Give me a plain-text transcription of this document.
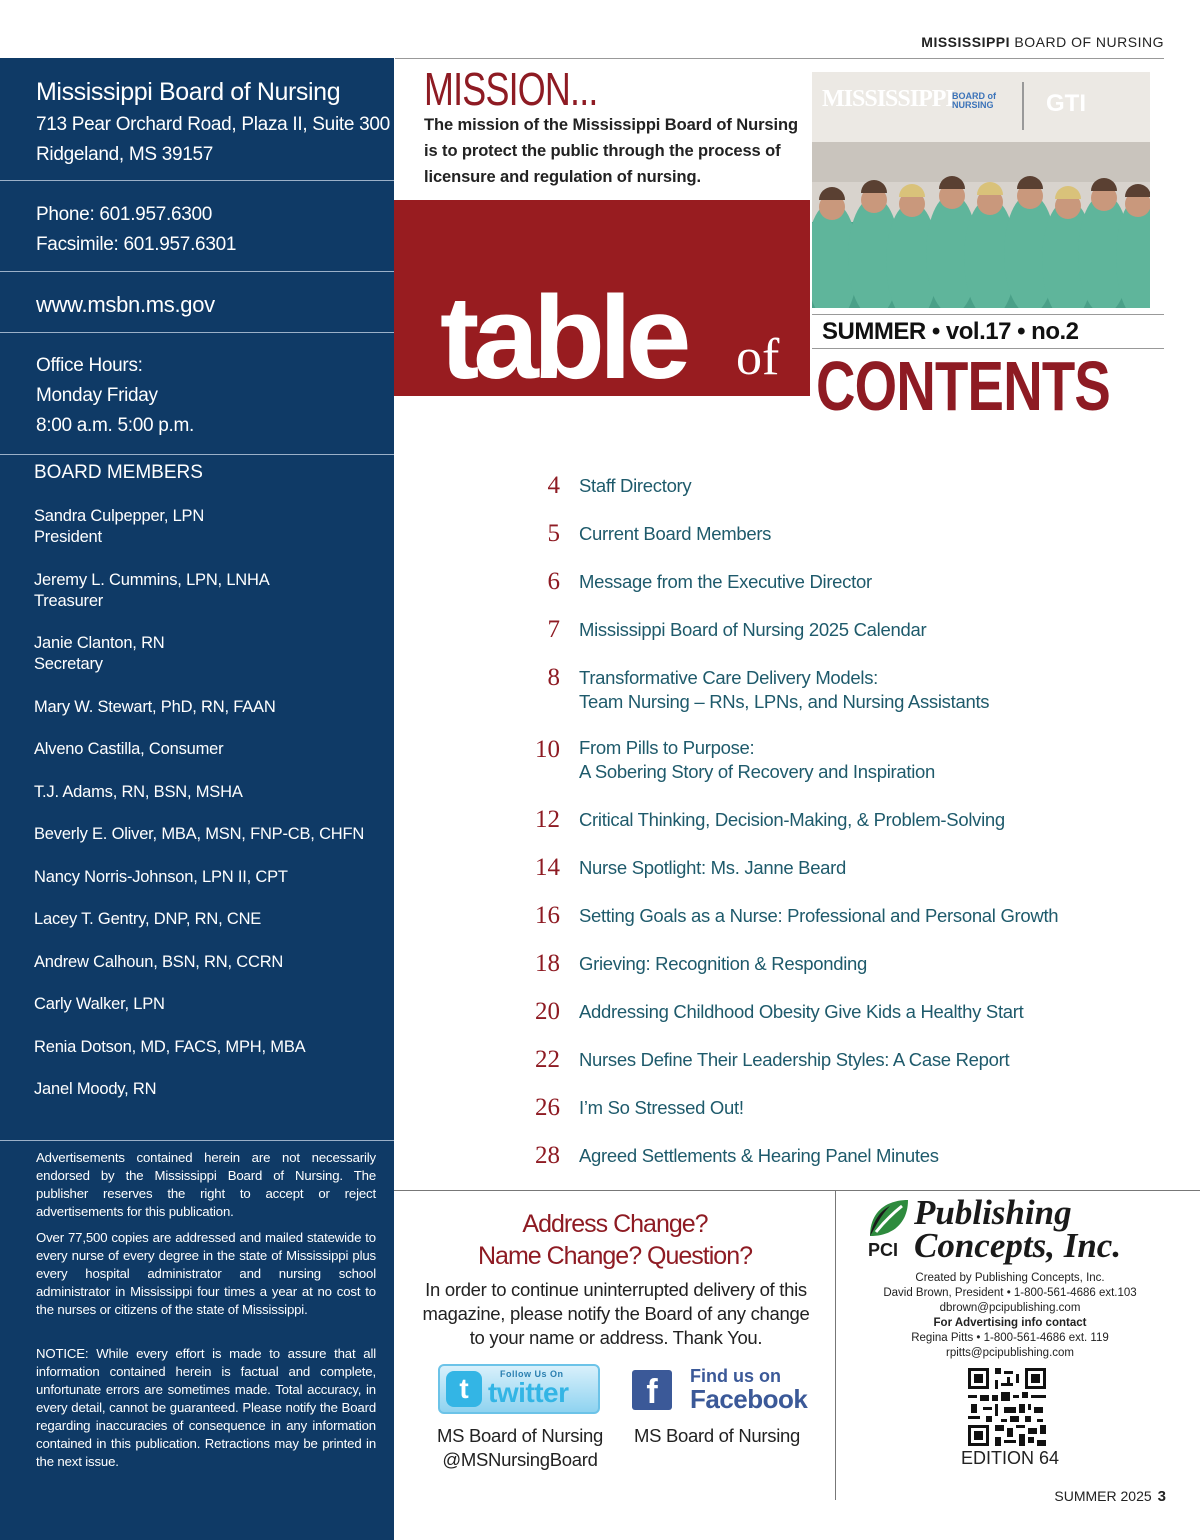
MISSISSIPPI BOARD OF NURSING
Mississippi Board of Nursing
713 Pear Orchard Road, Plaza II, Suite 300
Ridgeland, MS 39157
Phone: 601.957.6300
Facsimile: 601.957.6301
www.msbn.ms.gov
Office Hours:
Monday Friday
8:00 a.m. 5:00 p.m.
BOARD MEMBERS
Sandra Culpepper, LPN
President
Jeremy L. Cummins, LPN, LNHA
Treasurer
Janie Clanton, RN
Secretary
Mary W. Stewart, PhD, RN, FAAN
Alveno Castilla, Consumer
T.J. Adams, RN, BSN, MSHA
Beverly E. Oliver, MBA, MSN, FNP-CB, CHFN
Nancy Norris-Johnson, LPN II, CPT
Lacey T. Gentry, DNP, RN, CNE
Andrew Calhoun, BSN, RN, CCRN
Carly Walker, LPN
Renia Dotson, MD, FACS, MPH, MBA
Janel Moody, RN
Advertisements contained herein are not necessarily endorsed by the Mississippi Board of Nursing. The publisher reserves the right to accept or reject advertisements for this publication.
Over 77,500 copies are addressed and mailed statewide to every nurse of every degree in the state of Mississippi plus every hospital administrator and nursing school administrator in Mississippi four times a year at no cost to the nurses or citizens of the state of Mississippi.
NOTICE: While every effort is made to assure that all information contained herein is factual and complete, unfortunate errors are sometimes made. Total accuracy, in every detail, cannot be guaranteed. Please notify the Board regarding inaccuracies of consequence in any information contained in this publication. Retractions may be printed in the next issue.
MISSION...
The mission of the Mississippi Board of Nursing is to protect the public through the process of licensure and regulation of nursing.
table of
MISSISSIPPI
BOARD of NURSING	GTI
SUMMER • vol.17 • no.2
CONTENTS
4 Staff Directory
5 Current Board Members
6 Message from the Executive Director
7 Mississippi Board of Nursing 2025 Calendar
8 Transformative Care Delivery Models:
Team Nursing – RNs, LPNs, and Nursing Assistants
10 From Pills to Purpose:
A Sobering Story of Recovery and Inspiration
12 Critical Thinking, Decision-Making, & Problem-Solving
14 Nurse Spotlight: Ms. Janne Beard
16 Setting Goals as a Nurse: Professional and Personal Growth
18 Grieving: Recognition & Responding
20 Addressing Childhood Obesity Give Kids a Healthy Start
22 Nurses Define Their Leadership Styles: A Case Report
26 I’m So Stressed Out!
28 Agreed Settlements & Hearing Panel Minutes
Address Change?
Name Change? Question?
In order to continue uninterrupted delivery of this magazine, please notify the Board of any change to your name or address. Thank You.
t	Follow Us On
twitter
MS Board of Nursing
@MSNursingBoard
f	Find us on
Facebook
MS Board of Nursing
PCI
Publishing
Concepts, Inc.
Created by Publishing Concepts, Inc.
David Brown, President • 1-800-561-4686 ext.103
dbrown@pcipublishing.com
For Advertising info contact
Regina Pitts • 1-800-561-4686 ext. 119
rpitts@pcipublishing.com
EDITION 64
SUMMER 2025 3
